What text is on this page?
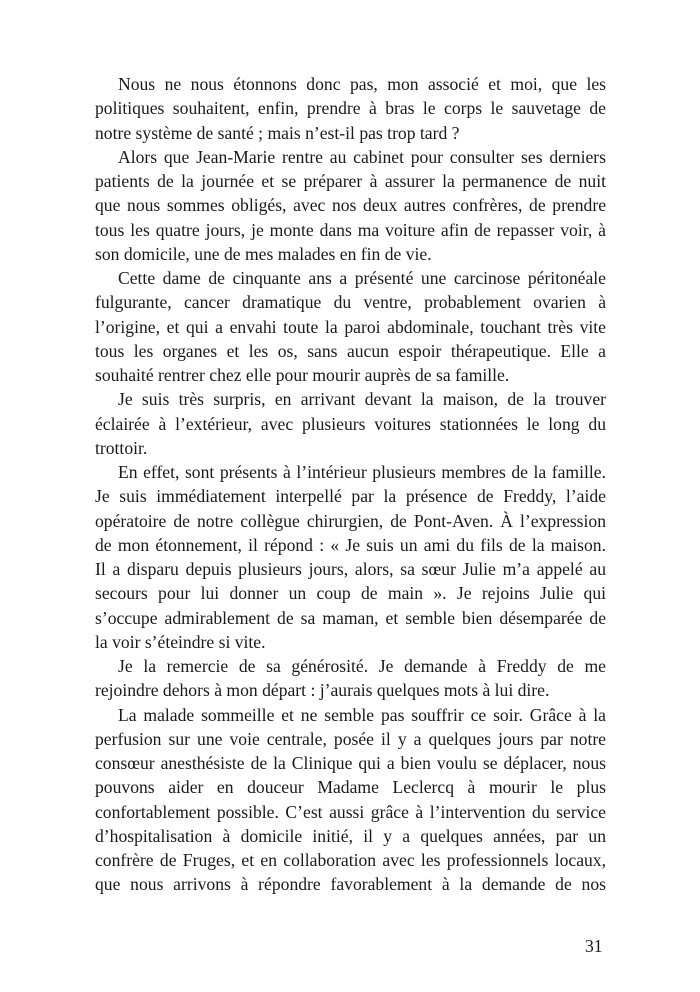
Nous ne nous étonnons donc pas, mon associé et moi, que les
politiques souhaitent, enfin, prendre à bras le corps le sauvetage de
notre système de santé ; mais n’est-il pas trop tard ?
Alors que Jean-Marie rentre au cabinet pour consulter ses derniers
patients de la journée et se préparer à assurer la permanence de nuit
que nous sommes obligés, avec nos deux autres confrères, de prendre
tous les quatre jours, je monte dans ma voiture afin de repasser voir, à
son domicile, une de mes malades en fin de vie.
Cette dame de cinquante ans a présenté une carcinose péritonéale
fulgurante, cancer dramatique du ventre, probablement ovarien à
l’origine, et qui a envahi toute la paroi abdominale, touchant très vite
tous les organes et les os, sans aucun espoir thérapeutique. Elle a
souhaité rentrer chez elle pour mourir auprès de sa famille.
Je suis très surpris, en arrivant devant la maison, de la trouver
éclairée à l’extérieur, avec plusieurs voitures stationnées le long du
trottoir.
En effet, sont présents à l’intérieur plusieurs membres de la famille.
Je suis immédiatement interpellé par la présence de Freddy, l’aide
opératoire de notre collègue chirurgien, de Pont-Aven. À l’expression
de mon étonnement, il répond : « Je suis un ami du fils de la maison.
Il a disparu depuis plusieurs jours, alors, sa sœur Julie m’a appelé au
secours pour lui donner un coup de main ». Je rejoins Julie qui
s’occupe admirablement de sa maman, et semble bien désemparée de
la voir s’éteindre si vite.
Je la remercie de sa générosité. Je demande à Freddy de me
rejoindre dehors à mon départ : j’aurais quelques mots à lui dire.
La malade sommeille et ne semble pas souffrir ce soir. Grâce à la
perfusion sur une voie centrale, posée il y a quelques jours par notre
consœur anesthésiste de la Clinique qui a bien voulu se déplacer, nous
pouvons aider en douceur Madame Leclercq à mourir le plus
confortablement possible. C’est aussi grâce à l’intervention du service
d’hospitalisation à domicile initié, il y a quelques années, par un
confrère de Fruges, et en collaboration avec les professionnels locaux,
que nous arrivons à répondre favorablement à la demande de nos
31
